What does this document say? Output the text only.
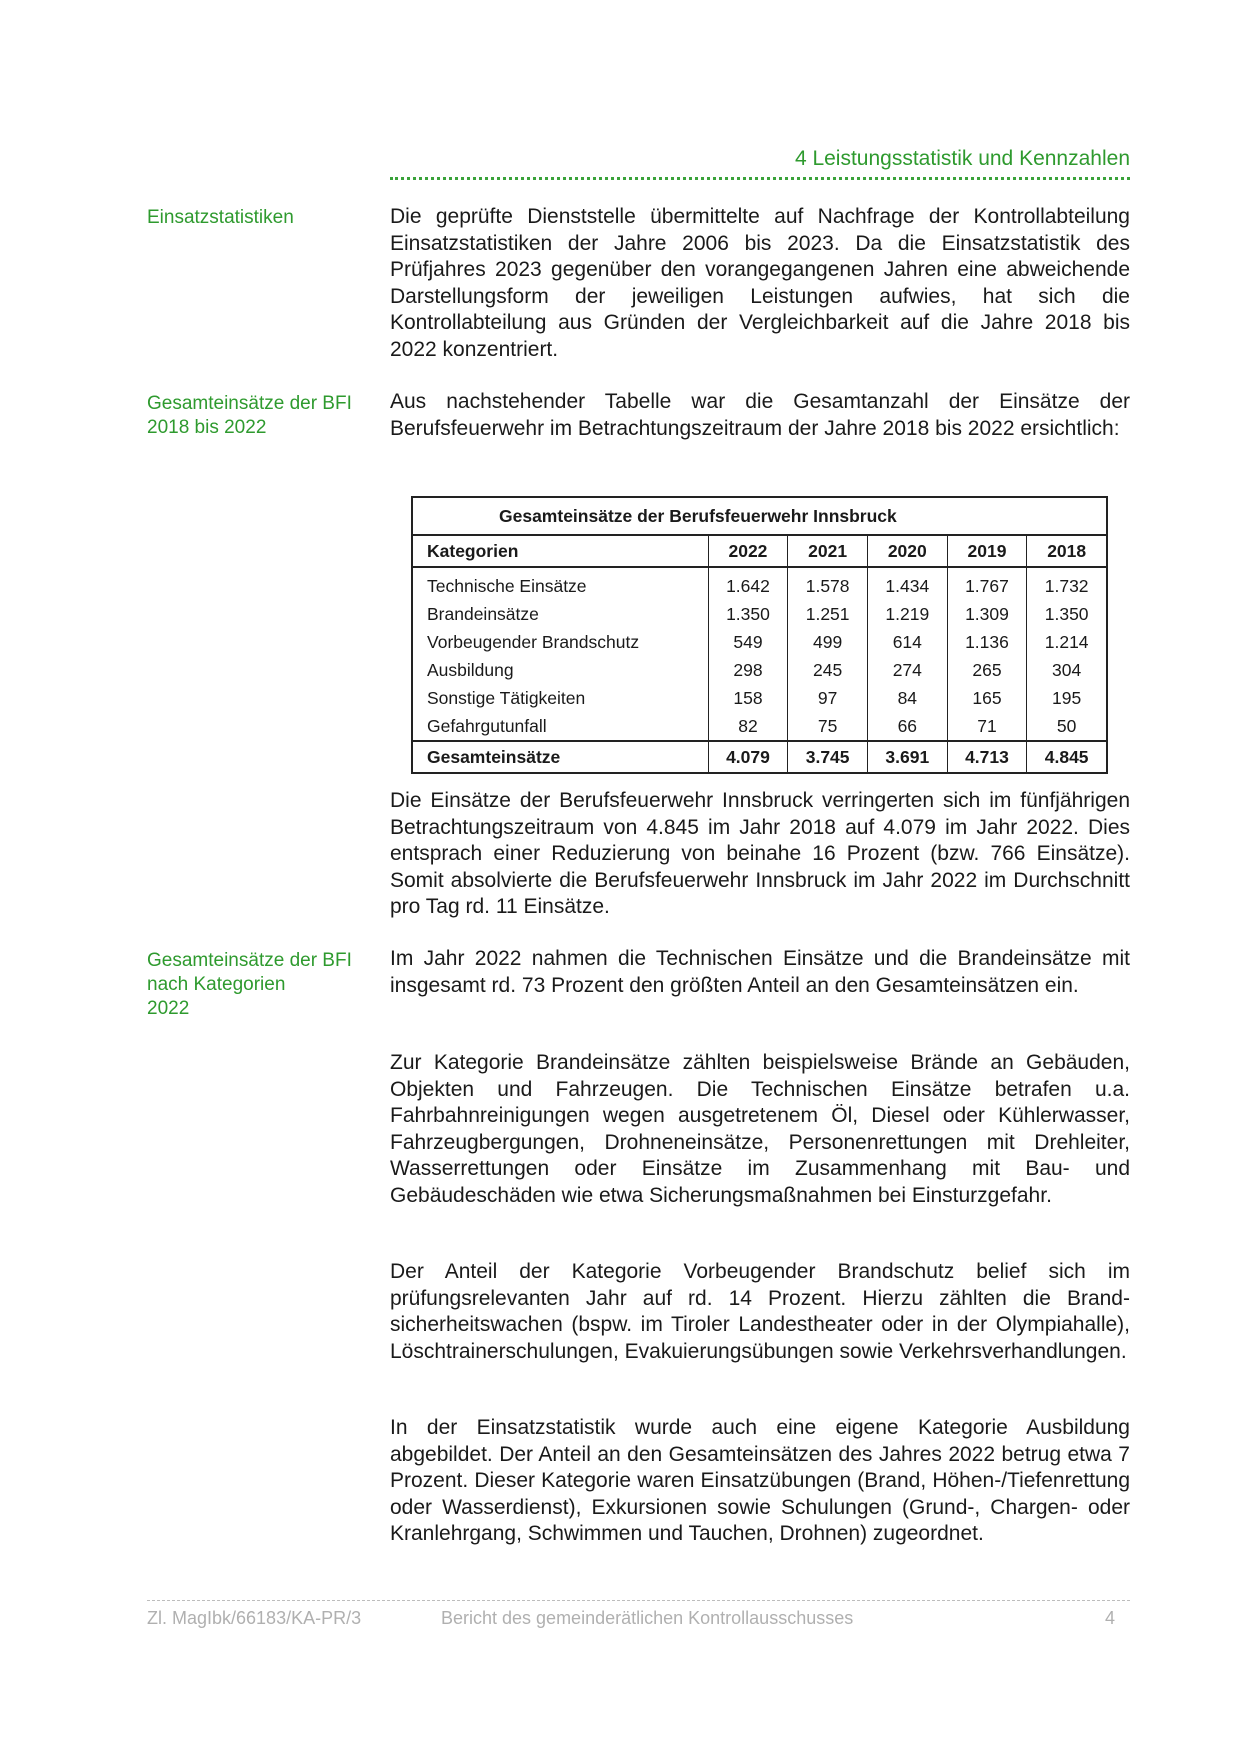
4 Leistungsstatistik und Kennzahlen
Einsatzstatistiken	Die geprüfte Dienststelle übermittelte auf Nachfrage der Kontrollabteilung Einsatzstatistiken der Jahre 2006 bis 2023. Da die Einsatzstatistik des Prüfjahres 2023 gegenüber den vorangegangenen Jahren eine abweichende Darstellungsform der jeweiligen Leistungen aufwies, hat sich die Kontrollabteilung aus Gründen der Vergleichbarkeit auf die Jahre 2018 bis 2022 konzentriert.
Gesamteinsätze der BFI
2018 bis 2022
Aus nachstehender Tabelle war die Gesamtanzahl der Einsätze der Berufsfeuerwehr im Betrachtungszeitraum der Jahre 2018 bis 2022 ersichtlich:
Gesamteinsätze der Berufsfeuerwehr Innsbruck					
Kategorien	2022	2021	2020	2019	2018
Technische Einsätze	1.642	1.578	1.434	1.767	1.732
Brandeinsätze	1.350	1.251	1.219	1.309	1.350
Vorbeugender Brandschutz	549	499	614	1.136	1.214
Ausbildung	298	245	274	265	304
Sonstige Tätigkeiten	158	97	84	165	195
Gefahrgutunfall	82	75	66	71	50
Gesamteinsätze	4.079	3.745	3.691	4.713	4.845
Die Einsätze der Berufsfeuerwehr Innsbruck verringerten sich im fünfjährigen Betrachtungszeitraum von 4.845 im Jahr 2018 auf 4.079 im Jahr 2022. Dies entsprach einer Reduzierung von beinahe 16 Prozent (bzw. 766 Einsätze). Somit absolvierte die Berufsfeuerwehr Innsbruck im Jahr 2022 im Durchschnitt pro Tag rd. 11 Einsätze.
Gesamteinsätze der BFI
nach Kategorien
2022
Im Jahr 2022 nahmen die Technischen Einsätze und die Brandeinsätze mit insgesamt rd. 73 Prozent den größten Anteil an den Gesamteinsätzen ein.
Zur Kategorie Brandeinsätze zählten beispielsweise Brände an Gebäuden, Objekten und Fahrzeugen. Die Technischen Einsätze betrafen u.a. Fahrbahnreinigungen wegen ausgetretenem Öl, Diesel oder Kühlerwasser, Fahrzeugbergungen, Drohneneinsätze, Personenrettungen mit Drehleiter, Wasserrettungen oder Einsätze im Zusammenhang mit Bau- und Gebäudeschäden wie etwa Sicherungsmaßnahmen bei Einsturzgefahr.
Der Anteil der Kategorie Vorbeugender Brandschutz belief sich im prüfungsrelevanten Jahr auf rd. 14 Prozent. Hierzu zählten die Brandsicherheitswachen (bspw. im Tiroler Landestheater oder in der Olympiahalle), Löschtrainerschulungen, Evakuierungsübungen sowie Verkehrsverhandlungen.
In der Einsatzstatistik wurde auch eine eigene Kategorie Ausbildung abgebildet. Der Anteil an den Gesamteinsätzen des Jahres 2022 betrug etwa 7 Prozent. Dieser Kategorie waren Einsatzübungen (Brand, Höhen-/Tiefenrettung oder Wasserdienst), Exkursionen sowie Schulungen (Grund-, Chargen- oder Kranlehrgang, Schwimmen und Tauchen, Drohnen) zugeordnet.
Zl. MagIbk/66183/KA-PR/3	Bericht des gemeinderätlichen Kontrollausschusses	4
